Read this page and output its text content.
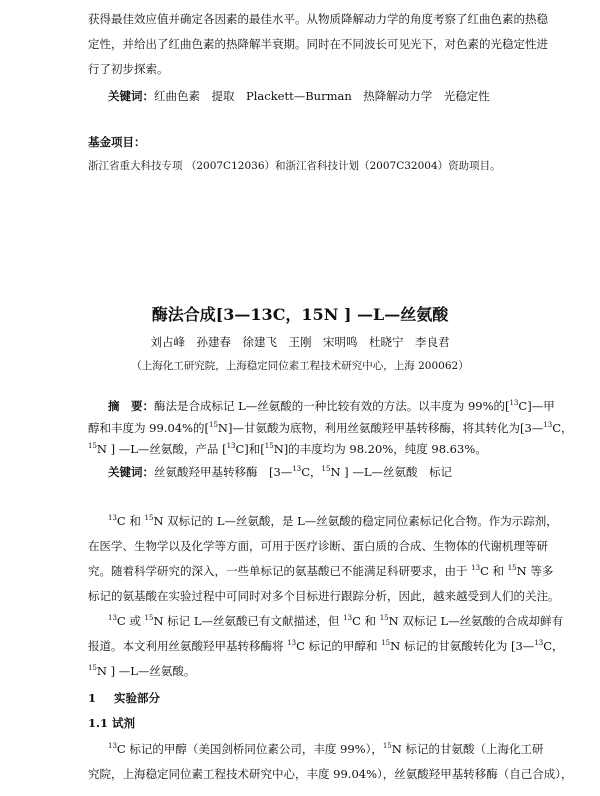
获得最佳效应值并确定各因素的最佳水平。从物质降解动力学的角度考察了红曲色素的热稳
定性，并给出了红曲色素的热降解半衰期。同时在不同波长可见光下，对色素的光稳定性进
行了初步探索。
关键词：红曲色素　提取　Plackett—Burman　热降解动力学　光稳定性
基金项目：
浙江省重大科技专项 （2007C12036）和浙江省科技计划（2007C32004）资助项目。
酶法合成[3—13C，15N ] —L—丝氨酸
刘占峰　孙建春　徐建飞　王刚　宋明鸣　杜晓宁　李良君
（上海化工研究院，上海稳定同位素工程技术研究中心，上海 200062）
摘　要：酶法是合成标记 L—丝氨酸的一种比较有效的方法。以丰度为 99%的[$^{13}$C]—甲
醇和丰度为 99.04%的[$^{15}$N]—甘氨酸为底物，利用丝氨酸羟甲基转移酶，将其转化为[3—$^{13}$C，
$^{15}$N ] —L—丝氨酸，产品 [$^{13}$C]和[$^{15}$N]的丰度均为 98.20%，纯度 98.63%。
关键词：丝氨酸羟甲基转移酶　[3—$^{13}$C，$^{15}$N ] —L—丝氨酸　标记
$^{13}$C 和 $^{15}$N 双标记的 L—丝氨酸，是 L—丝氨酸的稳定同位素标记化合物。作为示踪剂，
在医学、生物学以及化学等方面，可用于医疗诊断、蛋白质的合成、生物体的代谢机理等研
究。随着科学研究的深入，一些单标记的氨基酸已不能满足科研要求，由于 $^{13}$C 和 $^{15}$N 等多
标记的氨基酸在实验过程中可同时对多个目标进行跟踪分析，因此，越来越受到人们的关注。
$^{13}$C 或 $^{15}$N 标记 L—丝氨酸已有文献描述，但 $^{13}$C 和 $^{15}$N 双标记 L—丝氨酸的合成却鲜有
报道。本文利用丝氨酸羟甲基转移酶将 $^{13}$C 标记的甲醇和 $^{15}$N 标记的甘氨酸转化为 [3—$^{13}$C，
$^{15}$N ] —L—丝氨酸。
1 实验部分
1.1 试剂
$^{13}$C 标记的甲醇（美国剑桥同位素公司，丰度 99%），$^{15}$N 标记的甘氨酸（上海化工研
究院，上海稳定同位素工程技术研究中心，丰度 99.04%），丝氨酸羟甲基转移酶（自己合成），
